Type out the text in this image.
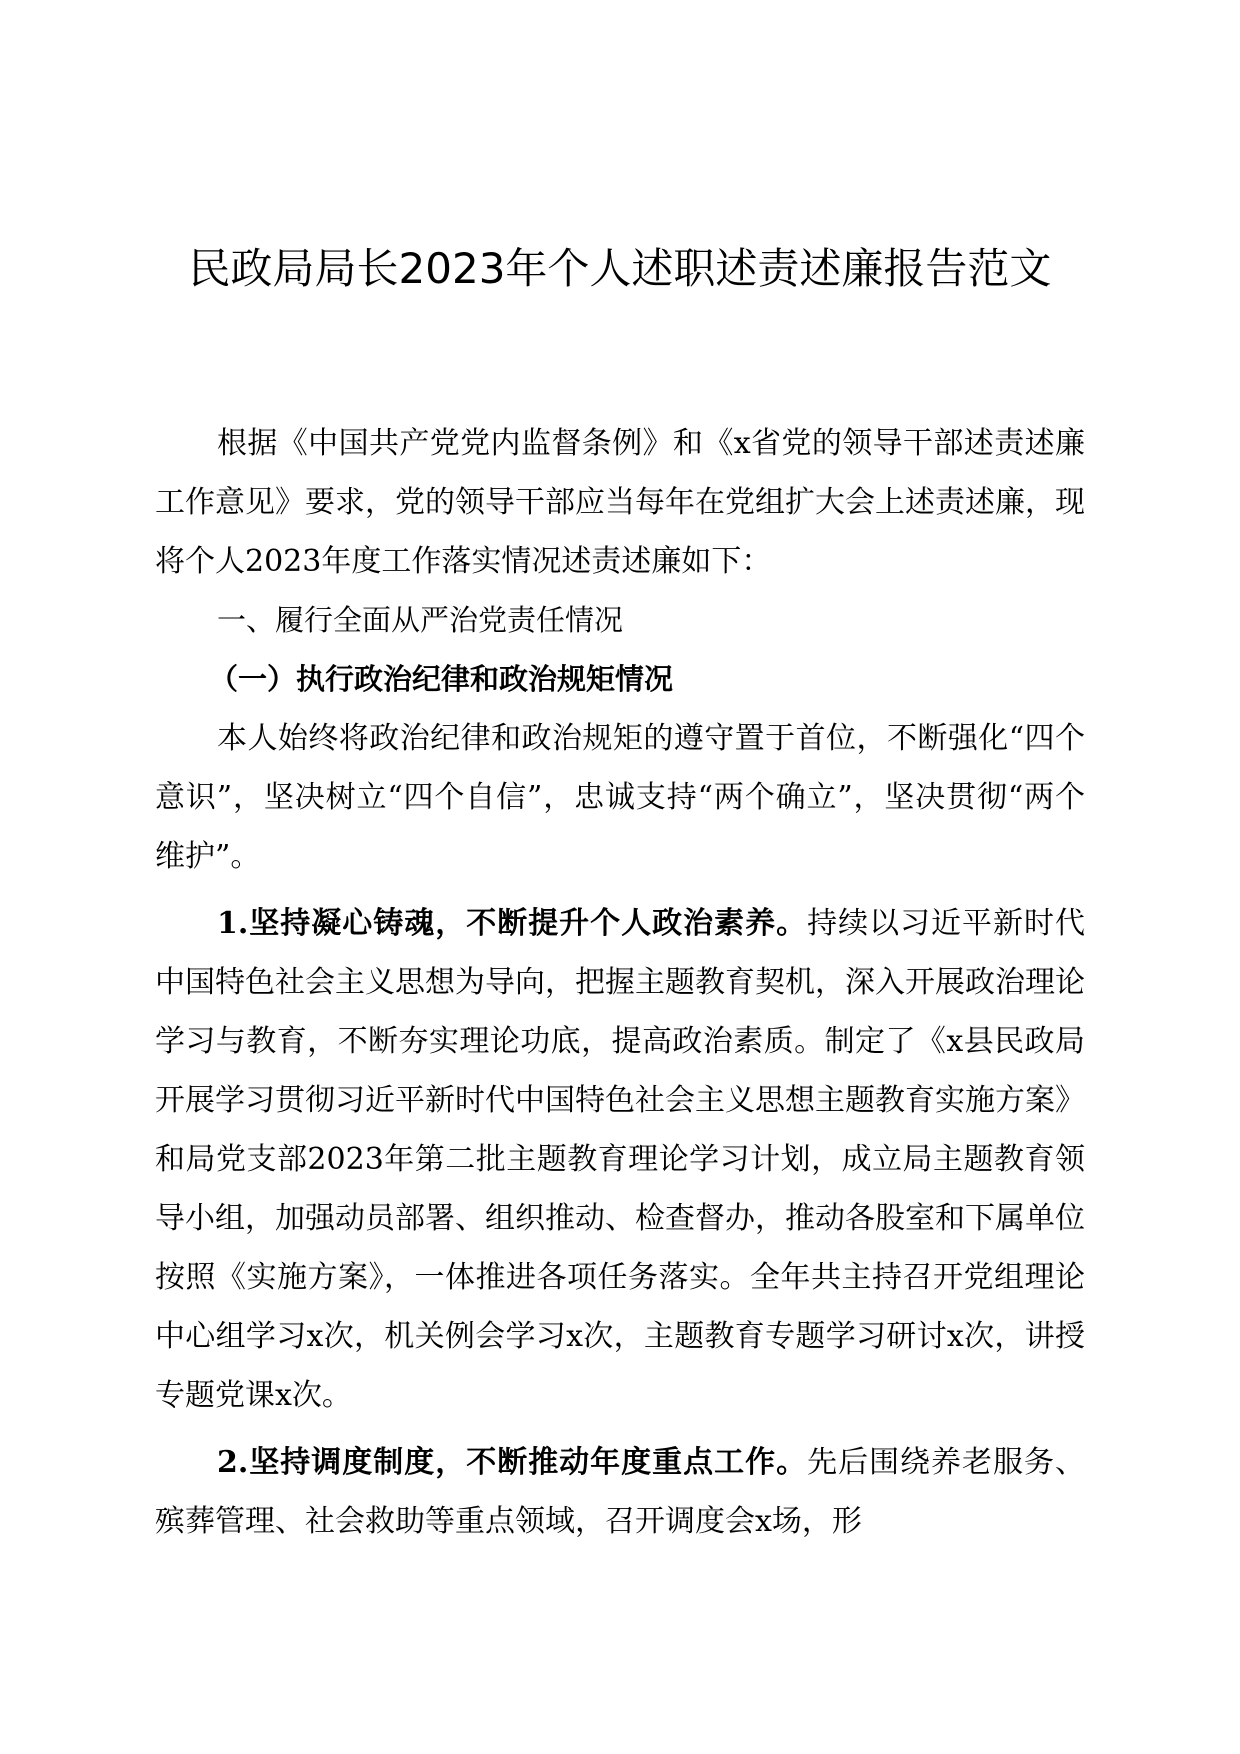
民政局局长2023年个人述职述责述廉报告范文

根据《中国共产党党内监督条例》和《x省党的领导干部述责述廉工作意见》要求，党的领导干部应当每年在党组扩大会上述责述廉，现将个人2023年度工作落实情况述责述廉如下：

一、履行全面从严治党责任情况

（一）执行政治纪律和政治规矩情况

本人始终将政治纪律和政治规矩的遵守置于首位，不断强化“四个意识”，坚决树立“四个自信”，忠诚支持“两个确立”，坚决贯彻“两个维护”。

1.坚持凝心铸魂，不断提升个人政治素养。持续以习近平新时代中国特色社会主义思想为导向，把握主题教育契机，深入开展政治理论学习与教育，不断夯实理论功底，提高政治素质。制定了《x县民政局开展学习贯彻习近平新时代中国特色社会主义思想主题教育实施方案》和局党支部2023年第二批主题教育理论学习计划，成立局主题教育领导小组，加强动员部署、组织推动、检查督办，推动各股室和下属单位按照《实施方案》，一体推进各项任务落实。全年共主持召开党组理论中心组学习x次，机关例会学习x次，主题教育专题学习研讨x次，讲授专题党课x次。

2.坚持调度制度，不断推动年度重点工作。先后围绕养老服务、殡葬管理、社会救助等重点领域，召开调度会x场，形
